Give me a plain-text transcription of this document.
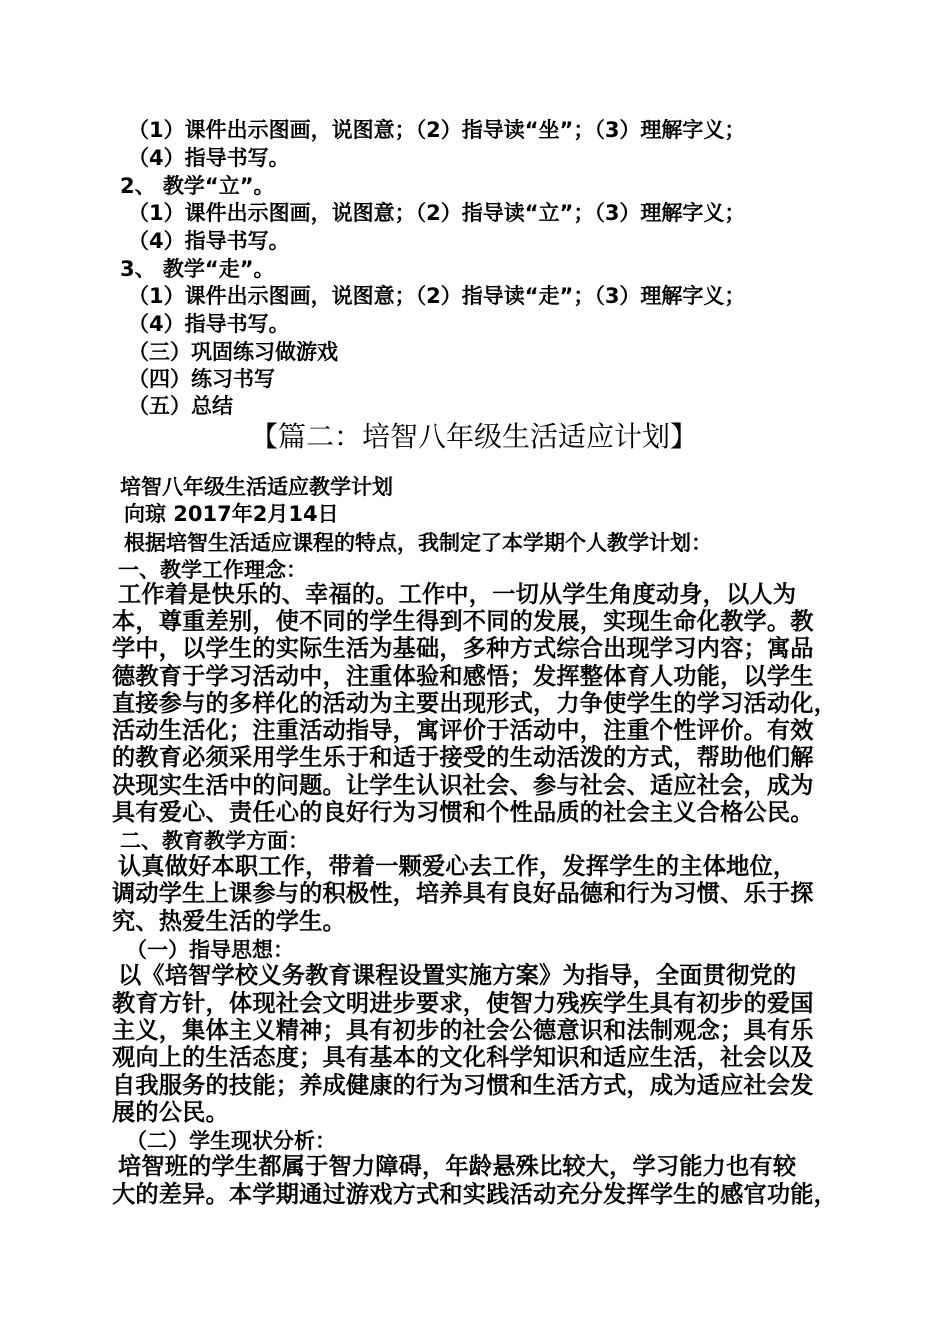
（1）课件出示图画，说图意；（2）指导读“坐”；（3）理解字义；
（4）指导书写。
2、 教学“立”。
（1）课件出示图画，说图意；（2）指导读“立”；（3）理解字义；
（4）指导书写。
3、 教学“走”。
（1）课件出示图画，说图意；（2）指导读“走”；（3）理解字义；
（4）指导书写。
（三）巩固练习做游戏
（四）练习书写
（五）总结
【篇二：培智八年级生活适应计划】
培智八年级生活适应教学计划
向琼 2017年2月14日
根据培智生活适应课程的特点，我制定了本学期个人教学计划：
一、教学工作理念：
工作着是快乐的、幸福的。工作中，一切从学生角度动身，以人为
本，尊重差别，使不同的学生得到不同的发展，实现生命化教学。教
学中，以学生的实际生活为基础，多种方式综合出现学习内容；寓品
德教育于学习活动中，注重体验和感悟；发挥整体育人功能，以学生
直接参与的多样化的活动为主要出现形式，力争使学生的学习活动化，
活动生活化；注重活动指导，寓评价于活动中，注重个性评价。有效
的教育必须采用学生乐于和适于接受的生动活泼的方式，帮助他们解
决现实生活中的问题。让学生认识社会、参与社会、适应社会，成为
具有爱心、责任心的良好行为习惯和个性品质的社会主义合格公民。
二、教育教学方面：
认真做好本职工作，带着一颗爱心去工作，发挥学生的主体地位，
调动学生上课参与的积极性，培养具有良好品德和行为习惯、乐于探
究、热爱生活的学生。
（一）指导思想：
以《培智学校义务教育课程设置实施方案》为指导，全面贯彻党的
教育方针，体现社会文明进步要求，使智力残疾学生具有初步的爱国
主义，集体主义精神；具有初步的社会公德意识和法制观念；具有乐
观向上的生活态度；具有基本的文化科学知识和适应生活，社会以及
自我服务的技能；养成健康的行为习惯和生活方式，成为适应社会发
展的公民。
（二）学生现状分析：
培智班的学生都属于智力障碍，年龄悬殊比较大，学习能力也有较
大的差异。本学期通过游戏方式和实践活动充分发挥学生的感官功能，
